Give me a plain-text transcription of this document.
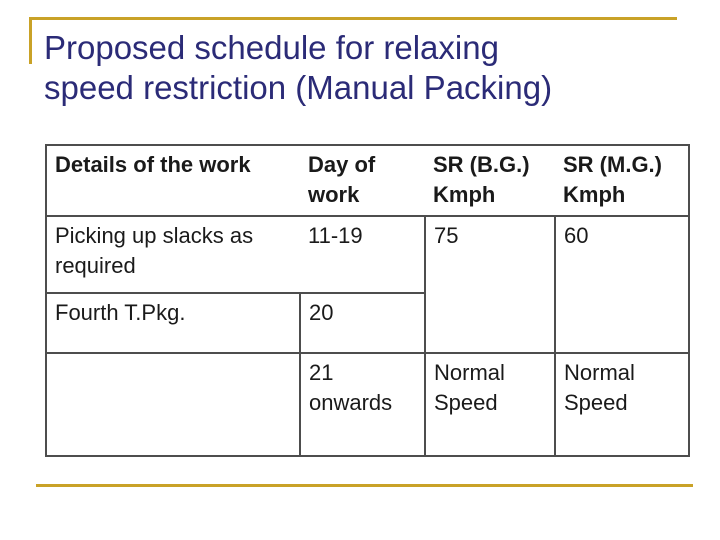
Proposed schedule for relaxing
speed restriction (Manual Packing)
Details of the work	Day of work	SR (B.G.) Kmph	SR (M.G.) Kmph
Picking up slacks as required	11-19	75	60
Fourth T.Pkg.	20		
	21 onwards	Normal Speed	Normal Speed
